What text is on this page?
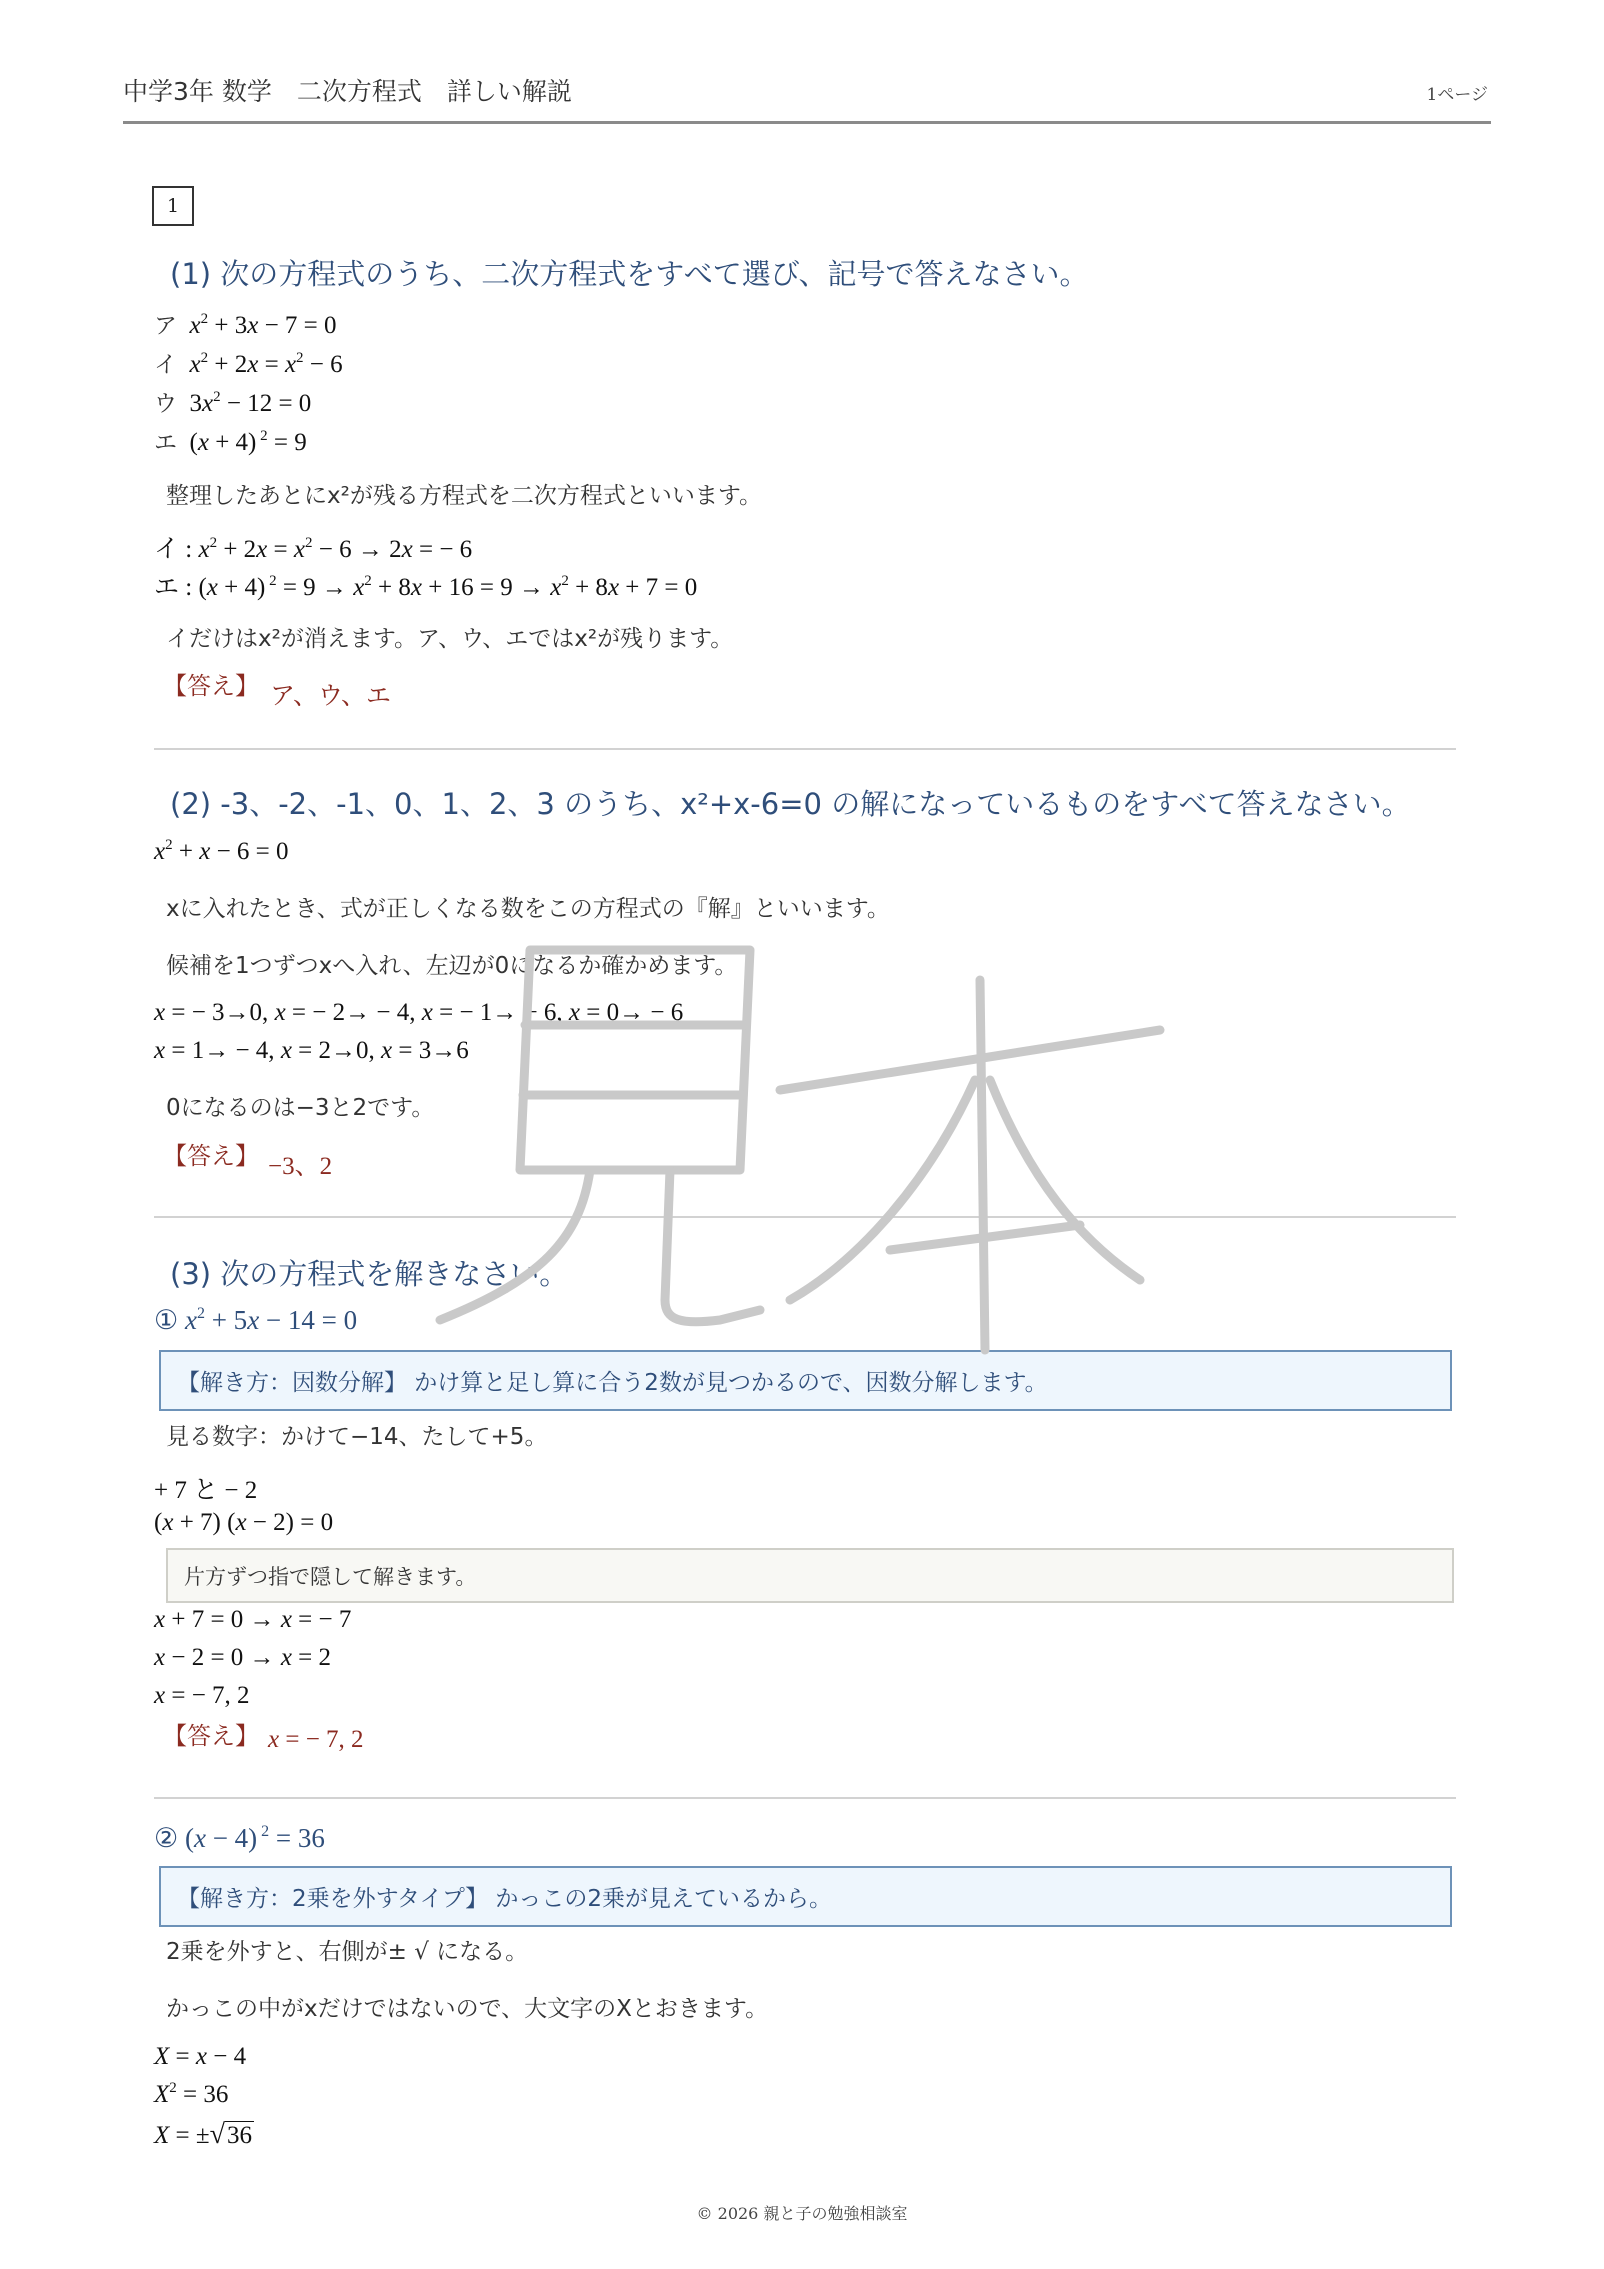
中学3年 数学　二次方程式　詳しい解説	1ページ
1
(1) 次の方程式のうち、二次方程式をすべて選び、記号で答えなさい。
ア $x^2 + 3x - 7 = 0$
イ $x^2 + 2x = x^2 - 6$
ウ  $3x^2 - 12 = 0$
エ  (x + 4) $^2$ = 9
整理したあとにx²が残る方程式を二次方程式といいます。
イ : $x^2 + 2x = x^2 - 6 \to 2x$ = − 6
エ : (x + 4) $^2 = 9 \to x^2 + 8x + 16 = 9 \to x^2 + 8x + 7 = 0$
イだけはx²が消えます。ア、ウ、エではx²が残ります。
【答え】 ア、ウ、エ
(2) -3、-2、-1、0、1、2、3 のうち、x²+x-6=0 の解になっているものをすべて答えなさい。
$x^2 + x - 6 = 0$
xに入れたとき、式が正しくなる数をこの方程式の『解』といいます。
候補を1つずつxへ入れ、左辺が0になるか確かめます。
x = − 3→0, x = − 2→ − 4, x = − 1→ − 6, x = 0→ − 6
x = 1→ − 4, x = 2→0, x = 3→6
0になるのは−3と2です。
【答え】 −3、2
(3) 次の方程式を解きなさい。
① $x^2 + 5x - 14 = 0$
【解き方：因数分解】 かけ算と足し算に合う2数が見つかるので、因数分解します。
見る数字：かけて−14、たして+5。
+ 7 と − 2
(x + 7) (x − 2) = 0
片方ずつ指で隠して解きます。
x + 7 = 0 → x = − 7
x − 2 = 0 → x = 2
x = − 7, 2
【答え】 x = − 7, 2
② (x − 4) $^2$ = 36
【解き方：2乗を外すタイプ】 かっこの2乗が見えているから。
2乗を外すと、右側が± √ になる。
かっこの中がxだけではないので、大文字のXとおきます。
X = x − 4
$X^2 = 36$
X = ±√36
© 2026 親と子の勉強相談室
